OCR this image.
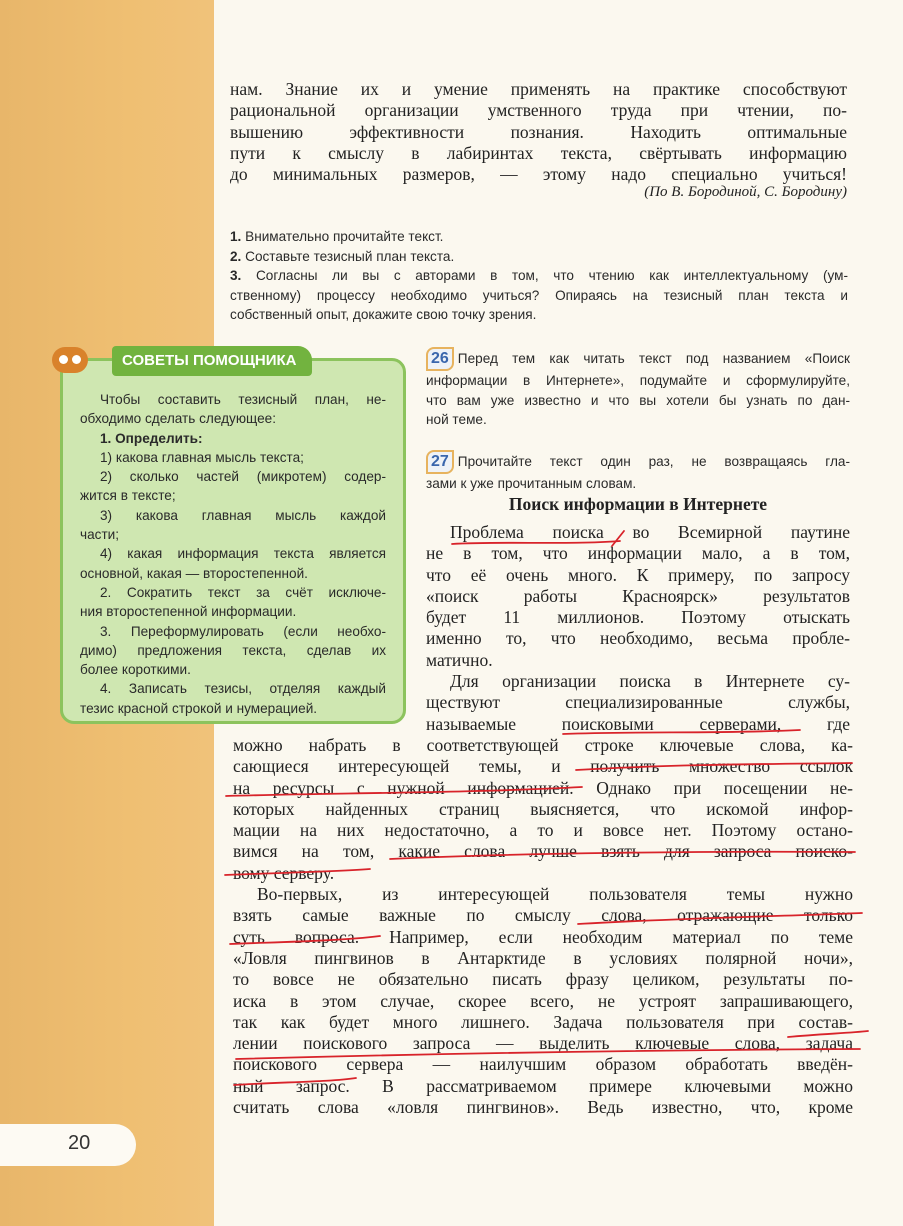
20
нам. Знание их и умение применять на практике способствуют
рациональной организации умственного труда при чтении, по-
вышению эффективности познания. Находить оптимальные
пути к смыслу в лабиринтах текста, свёртывать информацию
до минимальных размеров, — этому надо специально учиться!
(По В. Бородиной, С. Бородину)
1. Внимательно прочитайте текст.
2. Составьте тезисный план текста.
3. Согласны ли вы с авторами в том, что чтению как интеллектуальному (ум-
ственному) процессу необходимо учиться? Опираясь на тезисный план текста и
собственный опыт, докажите свою точку зрения.
СОВЕТЫ ПОМОЩНИКА
Чтобы составить тезисный план, не-
обходимо сделать следующее:
1. Определить:
1) какова главная мысль текста;
2) сколько частей (микротем) содер-
жится в тексте;
3) какова главная мысль каждой
части;
4) какая информация текста является
основной, какая — второстепенной.
2. Сократить текст за счёт исключе-
ния второстепенной информации.
3. Переформулировать (если необхо-
димо) предложения текста, сделав их
более короткими.
4. Записать тезисы, отделяя каждый
тезис красной строкой и нумерацией.
26 Перед тем как читать текст под названием «Поиск
информации в Интернете», подумайте и сформулируйте,
что вам уже известно и что вы хотели бы узнать по дан-
ной теме.
27 Прочитайте текст один раз, не возвращаясь гла-
зами к уже прочитанным словам.
Поиск информации в Интернете
Проблема поиска во Всемирной паутине
не в том, что информации мало, а в том,
что её очень много. К примеру, по запросу
«поиск работы Красноярск» результатов
будет 11 миллионов. Поэтому отыскать
именно то, что необходимо, весьма пробле-
матично.
Для организации поиска в Интернете су-
ществуют специализированные службы,
называемые поисковыми серверами, где
можно набрать в соответствующей строке ключевые слова, ка-
сающиеся интересующей темы, и получить множество ссылок
на ресурсы с нужной информацией. Однако при посещении не-
которых найденных страниц выясняется, что искомой инфор-
мации на них недостаточно, а то и вовсе нет. Поэтому остано-
вимся на том, какие слова лучше взять для запроса поиско-
вому серверу.
Во-первых, из интересующей пользователя темы нужно
взять самые важные по смыслу слова, отражающие только
суть вопроса. Например, если необходим материал по теме
«Ловля пингвинов в Антарктиде в условиях полярной ночи»,
то вовсе не обязательно писать фразу целиком, результаты по-
иска в этом случае, скорее всего, не устроят запрашивающего,
так как будет много лишнего. Задача пользователя при состав-
лении поискового запроса — выделить ключевые слова, задача
поискового сервера — наилучшим образом обработать введён-
ный запрос. В рассматриваемом примере ключевыми можно
считать слова «ловля пингвинов». Ведь известно, что, кроме
